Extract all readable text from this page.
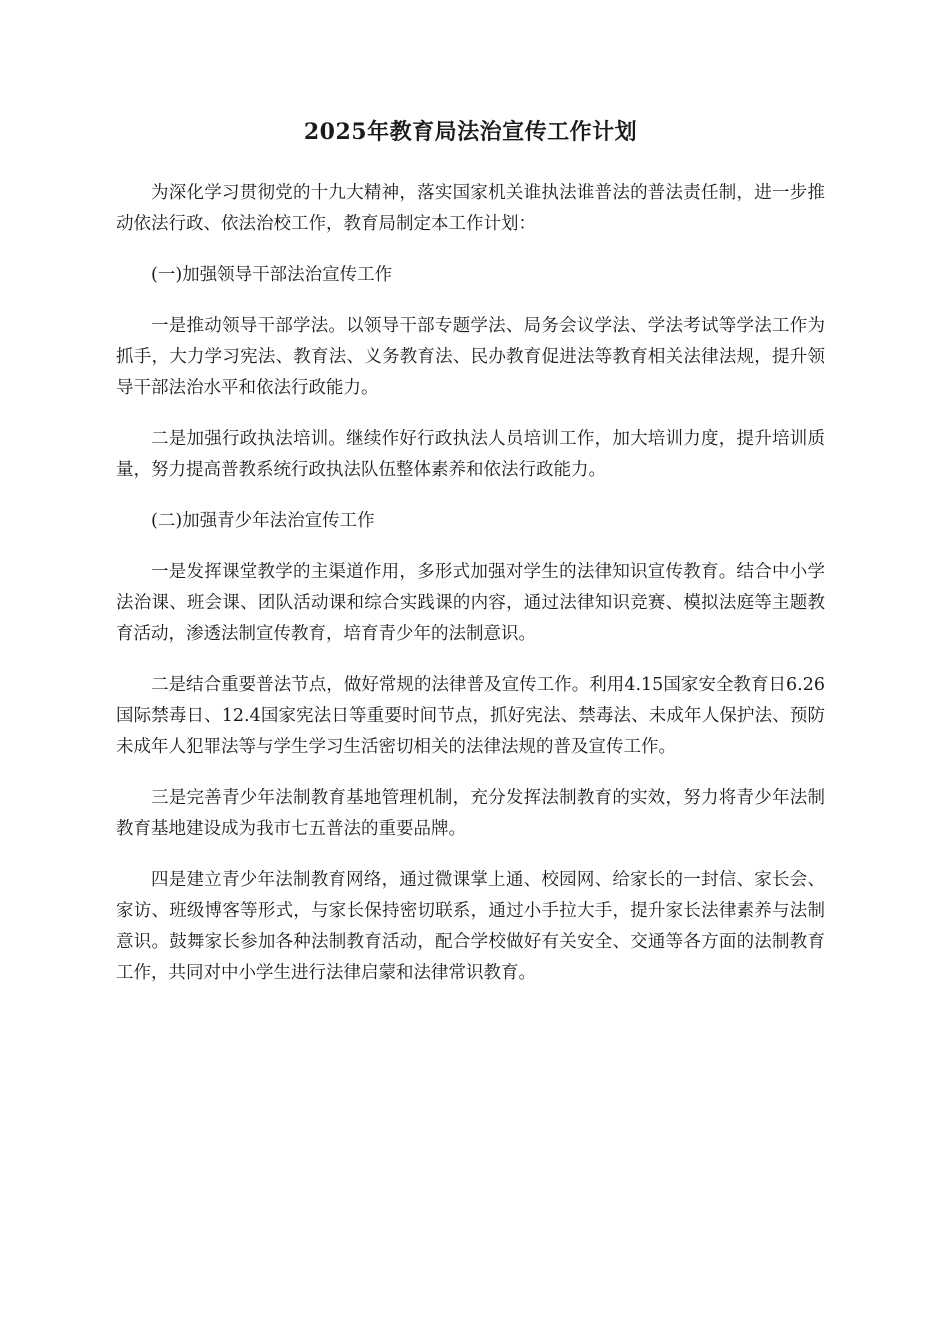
2025年教育局法治宣传工作计划

为深化学习贯彻党的十九大精神，落实国家机关谁执法谁普法的普法责任制，进一步推动依法行政、依法治校工作，教育局制定本工作计划：

(一)加强领导干部法治宣传工作

一是推动领导干部学法。以领导干部专题学法、局务会议学法、学法考试等学法工作为抓手，大力学习宪法、教育法、义务教育法、民办教育促进法等教育相关法律法规，提升领导干部法治水平和依法行政能力。

二是加强行政执法培训。继续作好行政执法人员培训工作，加大培训力度，提升培训质量，努力提高普教系统行政执法队伍整体素养和依法行政能力。

(二)加强青少年法治宣传工作

一是发挥课堂教学的主渠道作用，多形式加强对学生的法律知识宣传教育。结合中小学法治课、班会课、团队活动课和综合实践课的内容，通过法律知识竞赛、模拟法庭等主题教育活动，渗透法制宣传教育，培育青少年的法制意识。

二是结合重要普法节点，做好常规的法律普及宣传工作。利用4.15国家安全教育日6.26国际禁毒日、12.4国家宪法日等重要时间节点，抓好宪法、禁毒法、未成年人保护法、预防未成年人犯罪法等与学生学习生活密切相关的法律法规的普及宣传工作。

三是完善青少年法制教育基地管理机制，充分发挥法制教育的实效，努力将青少年法制教育基地建设成为我市七五普法的重要品牌。

四是建立青少年法制教育网络，通过微课掌上通、校园网、给家长的一封信、家长会、家访、班级博客等形式，与家长保持密切联系，通过小手拉大手，提升家长法律素养与法制意识。鼓舞家长参加各种法制教育活动，配合学校做好有关安全、交通等各方面的法制教育工作，共同对中小学生进行法律启蒙和法律常识教育。
